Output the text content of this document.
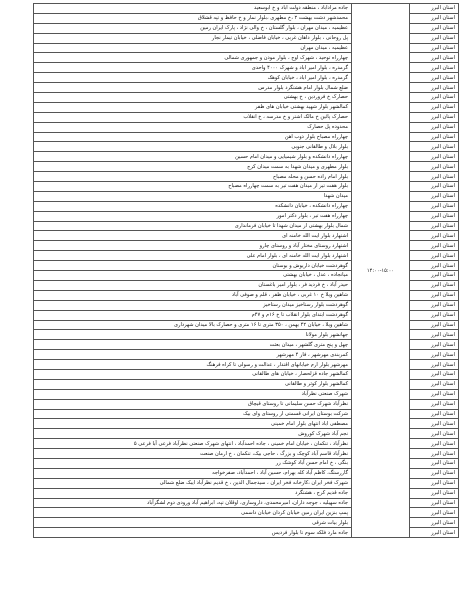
استان البرز	۱۴:۰۰-۱۵:۰۰	جاده مراداباد ، منطقه دولت اباد و خ ابوسعید
استان البرز		محمدشهر دشت بهشت ۲ ،خ مطهری ،بلوار نماز و خ حافظ و تپه قشلاق
استان البرز		عظیمیه ، میدان مهران ، بلوار گلستان ، خ والی نژاد ، پارک ایران زمین
استان البرز		پل روحانی ، بلوار داهان غربی ، خیابان فاضلی ، خیابان تیمار نجار
استان البرز		عظیمیه ، میدان مهران
استان البرز		چهارراه توحید ، شهرک اوج ، بلوار موذن و جمهوری شمالی
استان البرز		گرمدره ، بلوار امیر اباد و شهرک ۴۰۰۰ واحدی
استان البرز		گرمدره ، بلوار امیر اباد ، خیابان کوهک
استان البرز		ضلع شمال بلوار امام هشتگرد بلوار مدرس
استان البرز		حصارک خ فروردین ، خ بهشتی
استان البرز		کمالشهر بلوار شهید بهشتی خیابان های ظفر
استان البرز		حصارک پائین خ مالک اشتر و خ مدرسه ، خ انقلاب
استان البرز		محدوده پل حصارک
استان البرز		چهارراه مصباح بلوار ذوب اهن
استان البرز		بلوار بلال و طالقانی جنوبی
استان البرز		چهارراه دانشکده و بلوار شیمیایی و میدان امام حسین
استان البرز		بلوار مطهری و میدان شهدا به سمت میدان کرج
استان البرز		بلوار امام زاده حسن و محله مصباح
استان البرز		بلوار هفت تیر از میدان هفت تیر به سمت چهارراه مصباح
استان البرز		میدان شهدا
استان البرز		چهارراه دانشکده ، خیابان دانشکده
استان البرز		چهارراه هفت تیر ، بلوار دکتر اموز
استان البرز		شمال بلوار بهشتی از میدان شهدا تا خیابان فرمانداری
استان البرز		اشتهارد بلوار ایت الله خامنه ای
استان البرز		اشتهارد روستای مختار آباد و روستای چارو
استان البرز		اشتهارد بلوار ایت الله خامنه ای ، بلوار امام علی
استان البرز		گوهردشت خیابان داریوش و بوستان
استان البرز		میانجاده ، عدل ، خیابان بهشتی
استان البرز		حیدر آباد ، خ فردید فر ، بلوار امیر باغستان
استان البرز		شاهین ویلا خ ۱۰ غربی ، خیابان ظفر ، قلم و صوفی آباد
استان البرز		گوهردشت بلوار رستاخیز میدان رستاخیز
استان البرز		گوهردشت ابتدای بلوار انقلاب تا خ ۱۶م و ۴۷م
استان البرز		شاهین ویلا ، خیابان ۴۲ بهمن ، ۳۵۰ متری تا ۱۶ متری و حصارک بالا میدان شهرداری
استان البرز		جهانشهر بلوار مولانا
استان البرز		چهل و پنج متری گلشهر ، میدان بعثت
استان البرز		کمربندی مهرشهر ، فاز ۴ مهرشهر
استان البرز		مهرشهر بلوار ارم خیابانهای اقتدار ، عدالت و رسولی تا کراه فرهنگ
استان البرز		کمالشهر جاده قزلحصار ، خیابان های طالقانی
استان البرز		کمالشهر بلوار کوثر و طالقانی
استان البرز		شهرک صنعتی نظرآباد
استان البرز		نظرآباد شهرک حسن سلیمانی تا روستای قیچاق
استان البرز		شرکت بوستان ایرانی قسمتی از روستای وای بیک
استان البرز		مصطفی اباد انتهای بلوار امام خمینی
استان البرز		نجم آباد شهرک کوروش
استان البرز		نظرآباد ، تنکمان ، خیابان امام خمینی ، جاده احمدآباد ، انتهای شهرک صنعتی نظرآباد فرعی آبا فرعی ۵
استان البرز		نظرآباد قاسم آباد کوچک و بزرگ ، حاجی بیک، تنکمان ، خ ارمان صنعت
استان البرز		بنگی ، خ امام حسن آباد کوشک زر
استان البرز		گاررستگ، کاظم آباد کله بهرام، حسین آباد ، احمدآباد، صفرخواجه
استان البرز		شهرک فخر ایران ،کارخانه فخر ایران ، سیدجمال الدین ، خ قدیم نظرآباد ایبک ضلع شمالی
استان البرز		جاده قدیم کرج ، هشتگرد
استان البرز		جاده سهیلیه ، جوجه داران، امیرمحمدی، داروسازی، اوقلان تپه، ابراهیم آباد ورودی دوم لشگرآباد
استان البرز		پمپ بنزین ایران زمین خیابان کردان خیابان داسمی
استان البرز		بلوار بیات شرقی
استان البرز		جاده مارد فلکه سوم تا بلوار فردیس
